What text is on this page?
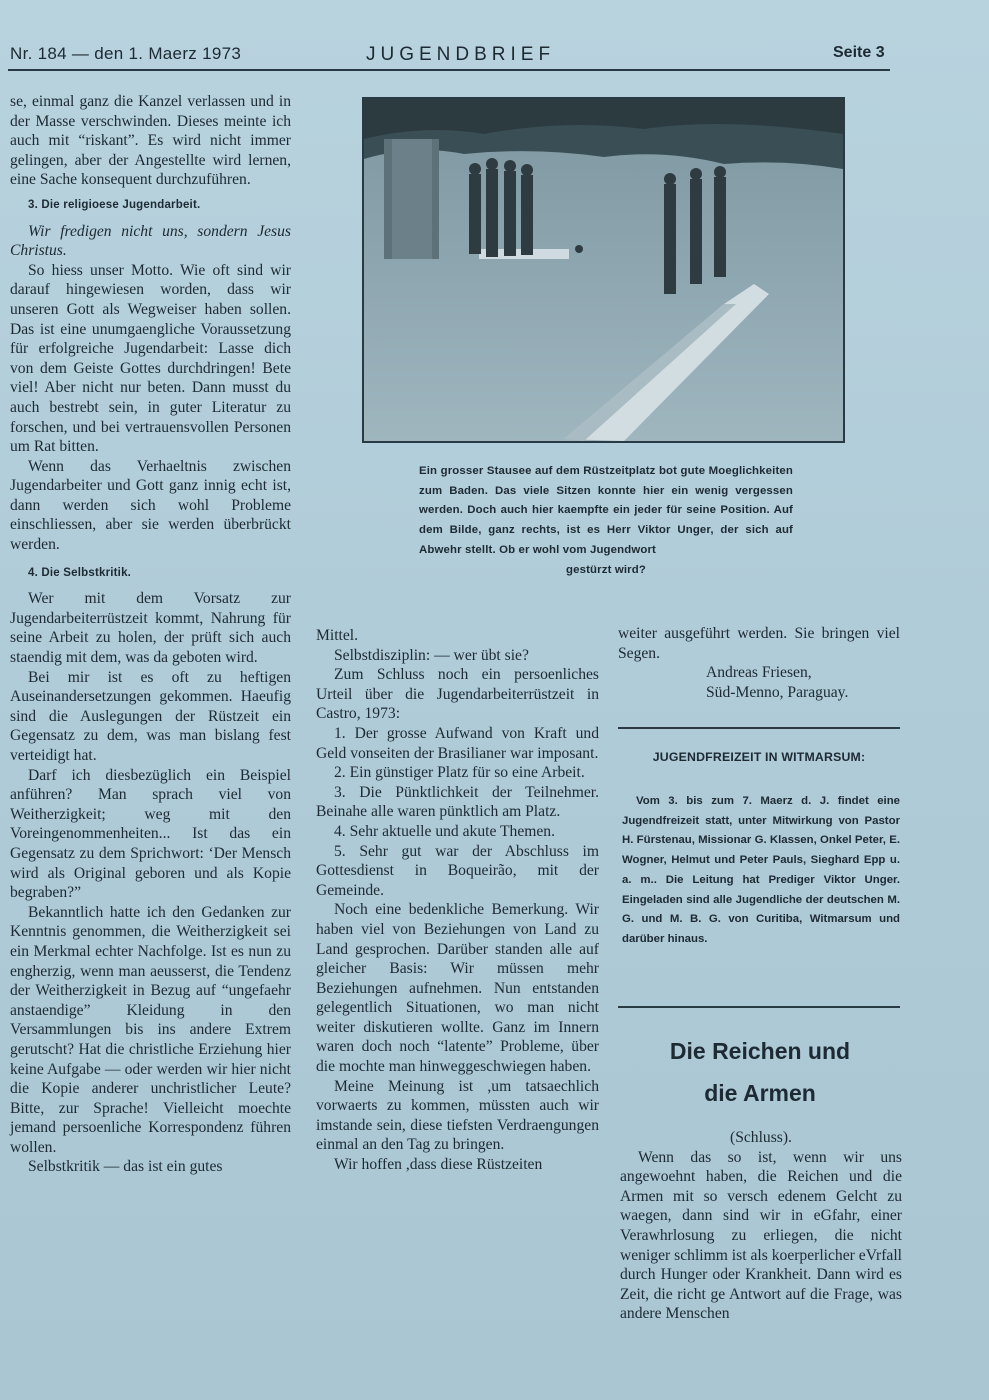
Nr. 184 — den 1. Maerz 1973	JUGENDBRIEF	Seite 3

se, einmal ganz die Kanzel verlassen und in der Masse verschwinden. Dieses meinte ich auch mit “riskant”. Es wird nicht immer gelingen, aber der Angestellte wird lernen, eine Sache konsequent durchzuführen.

3. Die religioese Jugendarbeit.

Wir fredigen nicht uns, sondern Jesus Christus.

So hiess unser Motto. Wie oft sind wir darauf hingewiesen worden, dass wir unseren Gott als Wegweiser haben sollen. Das ist eine unumgaengliche Voraussetzung für erfolgreiche Jugendarbeit: Lasse dich von dem Geiste Gottes durchdringen! Bete viel! Aber nicht nur beten. Dann musst du auch bestrebt sein, in guter Literatur zu forschen, und bei vertrauensvollen Personen um Rat bitten.

Wenn das Verhaeltnis zwischen Jugendarbeiter und Gott ganz innig echt ist, dann werden sich wohl Probleme einschliessen, aber sie werden überbrückt werden.

4. Die Selbstkritik.

Wer mit dem Vorsatz zur Jugendarbeiterrüstzeit kommt, Nahrung für seine Arbeit zu holen, der prüft sich auch staendig mit dem, was da geboten wird.

Bei mir ist es oft zu heftigen Auseinandersetzungen gekommen. Haeufig sind die Auslegungen der Rüstzeit ein Gegensatz zu dem, was man bislang fest verteidigt hat.

Darf ich diesbezüglich ein Beispiel anführen? Man sprach viel von Weitherzigkeit; weg mit den Voreingenommenheiten... Ist das ein Gegensatz zu dem Sprichwort: ‘Der Mensch wird als Original geboren und als Kopie begraben?”

Bekanntlich hatte ich den Gedanken zur Kenntnis genommen, die Weitherzigkeit sei ein Merkmal echter Nachfolge. Ist es nun zu engherzig, wenn man aeusserst, die Tendenz der Weitherzigkeit in Bezug auf “ungefaehr anstaendige” Kleidung in den Versammlungen bis ins andere Extrem gerutscht? Hat die christliche Erziehung hier keine Aufgabe — oder werden wir hier nicht die Kopie anderer unchristlicher Leute? Bitte, zur Sprache! Vielleicht moechte jemand persoenliche Korrespondenz führen wollen.

Selbstkritik — das ist ein gutes

Ein grosser Stausee auf dem Rüstzeitplatz bot gute Moeglichkeiten zum Baden. Das viele Sitzen konnte hier ein wenig vergessen werden. Doch auch hier kaempfte ein jeder für seine Position. Auf dem Bilde, ganz rechts, ist es Herr Viktor Unger, der sich auf Abwehr stellt. Ob er wohl vom Jugendwort
gestürzt wird?

Mittel.

Selbstdisziplin: — wer übt sie?

Zum Schluss noch ein persoenliches Urteil über die Jugendarbeiterrüstzeit in Castro, 1973:

1. Der grosse Aufwand von Kraft und Geld vonseiten der Brasilianer war imposant.

2. Ein günstiger Platz für so eine Arbeit.

3. Die Pünktlichkeit der Teilnehmer. Beinahe alle waren pünktlich am Platz.

4. Sehr aktuelle und akute Themen.

5. Sehr gut war der Abschluss im Gottesdienst in Boqueirão, mit der Gemeinde.

Noch eine bedenkliche Bemerkung. Wir haben viel von Beziehungen von Land zu Land gesprochen. Darüber standen alle auf gleicher Basis: Wir müssen mehr Beziehungen aufnehmen. Nun entstanden gelegentlich Situationen, wo man nicht weiter diskutieren wollte. Ganz im Innern waren doch noch “latente” Probleme, über die mochte man hinweggeschwiegen haben.

Meine Meinung ist ,um tatsaechlich vorwaerts zu kommen, müssten auch wir imstande sein, diese tiefsten Verdraengungen einmal an den Tag zu bringen.

Wir hoffen ,dass diese Rüstzeiten

weiter ausgeführt werden. Sie bringen viel Segen.

Andreas Friesen,

Süd-Menno, Paraguay.

JUGENDFREIZEIT IN WITMARSUM:

Vom 3. bis zum 7. Maerz d. J. findet eine Jugendfreizeit statt, unter Mitwirkung von Pastor H. Fürstenau, Missionar G. Klassen, Onkel Peter, E. Wogner, Helmut und Peter Pauls, Sieghard Epp u. a. m.. Die Leitung hat Prediger Viktor Unger. Eingeladen sind alle Jugendliche der deutschen M. G. und M. B. G. von Curitiba, Witmarsum und darüber hinaus.

Die Reichen und
die Armen

(Schluss).

Wenn das so ist, wenn wir uns angewoehnt haben, die Reichen und die Armen mit so versch edenem Gelcht zu waegen, dann sind wir in eGfahr, einer Verawhrlosung zu erliegen, die nicht weniger schlimm ist als koerperlicher eVrfall durch Hunger oder Krankheit. Dann wird es Zeit, die richt ge Antwort auf die Frage, was andere Menschen
